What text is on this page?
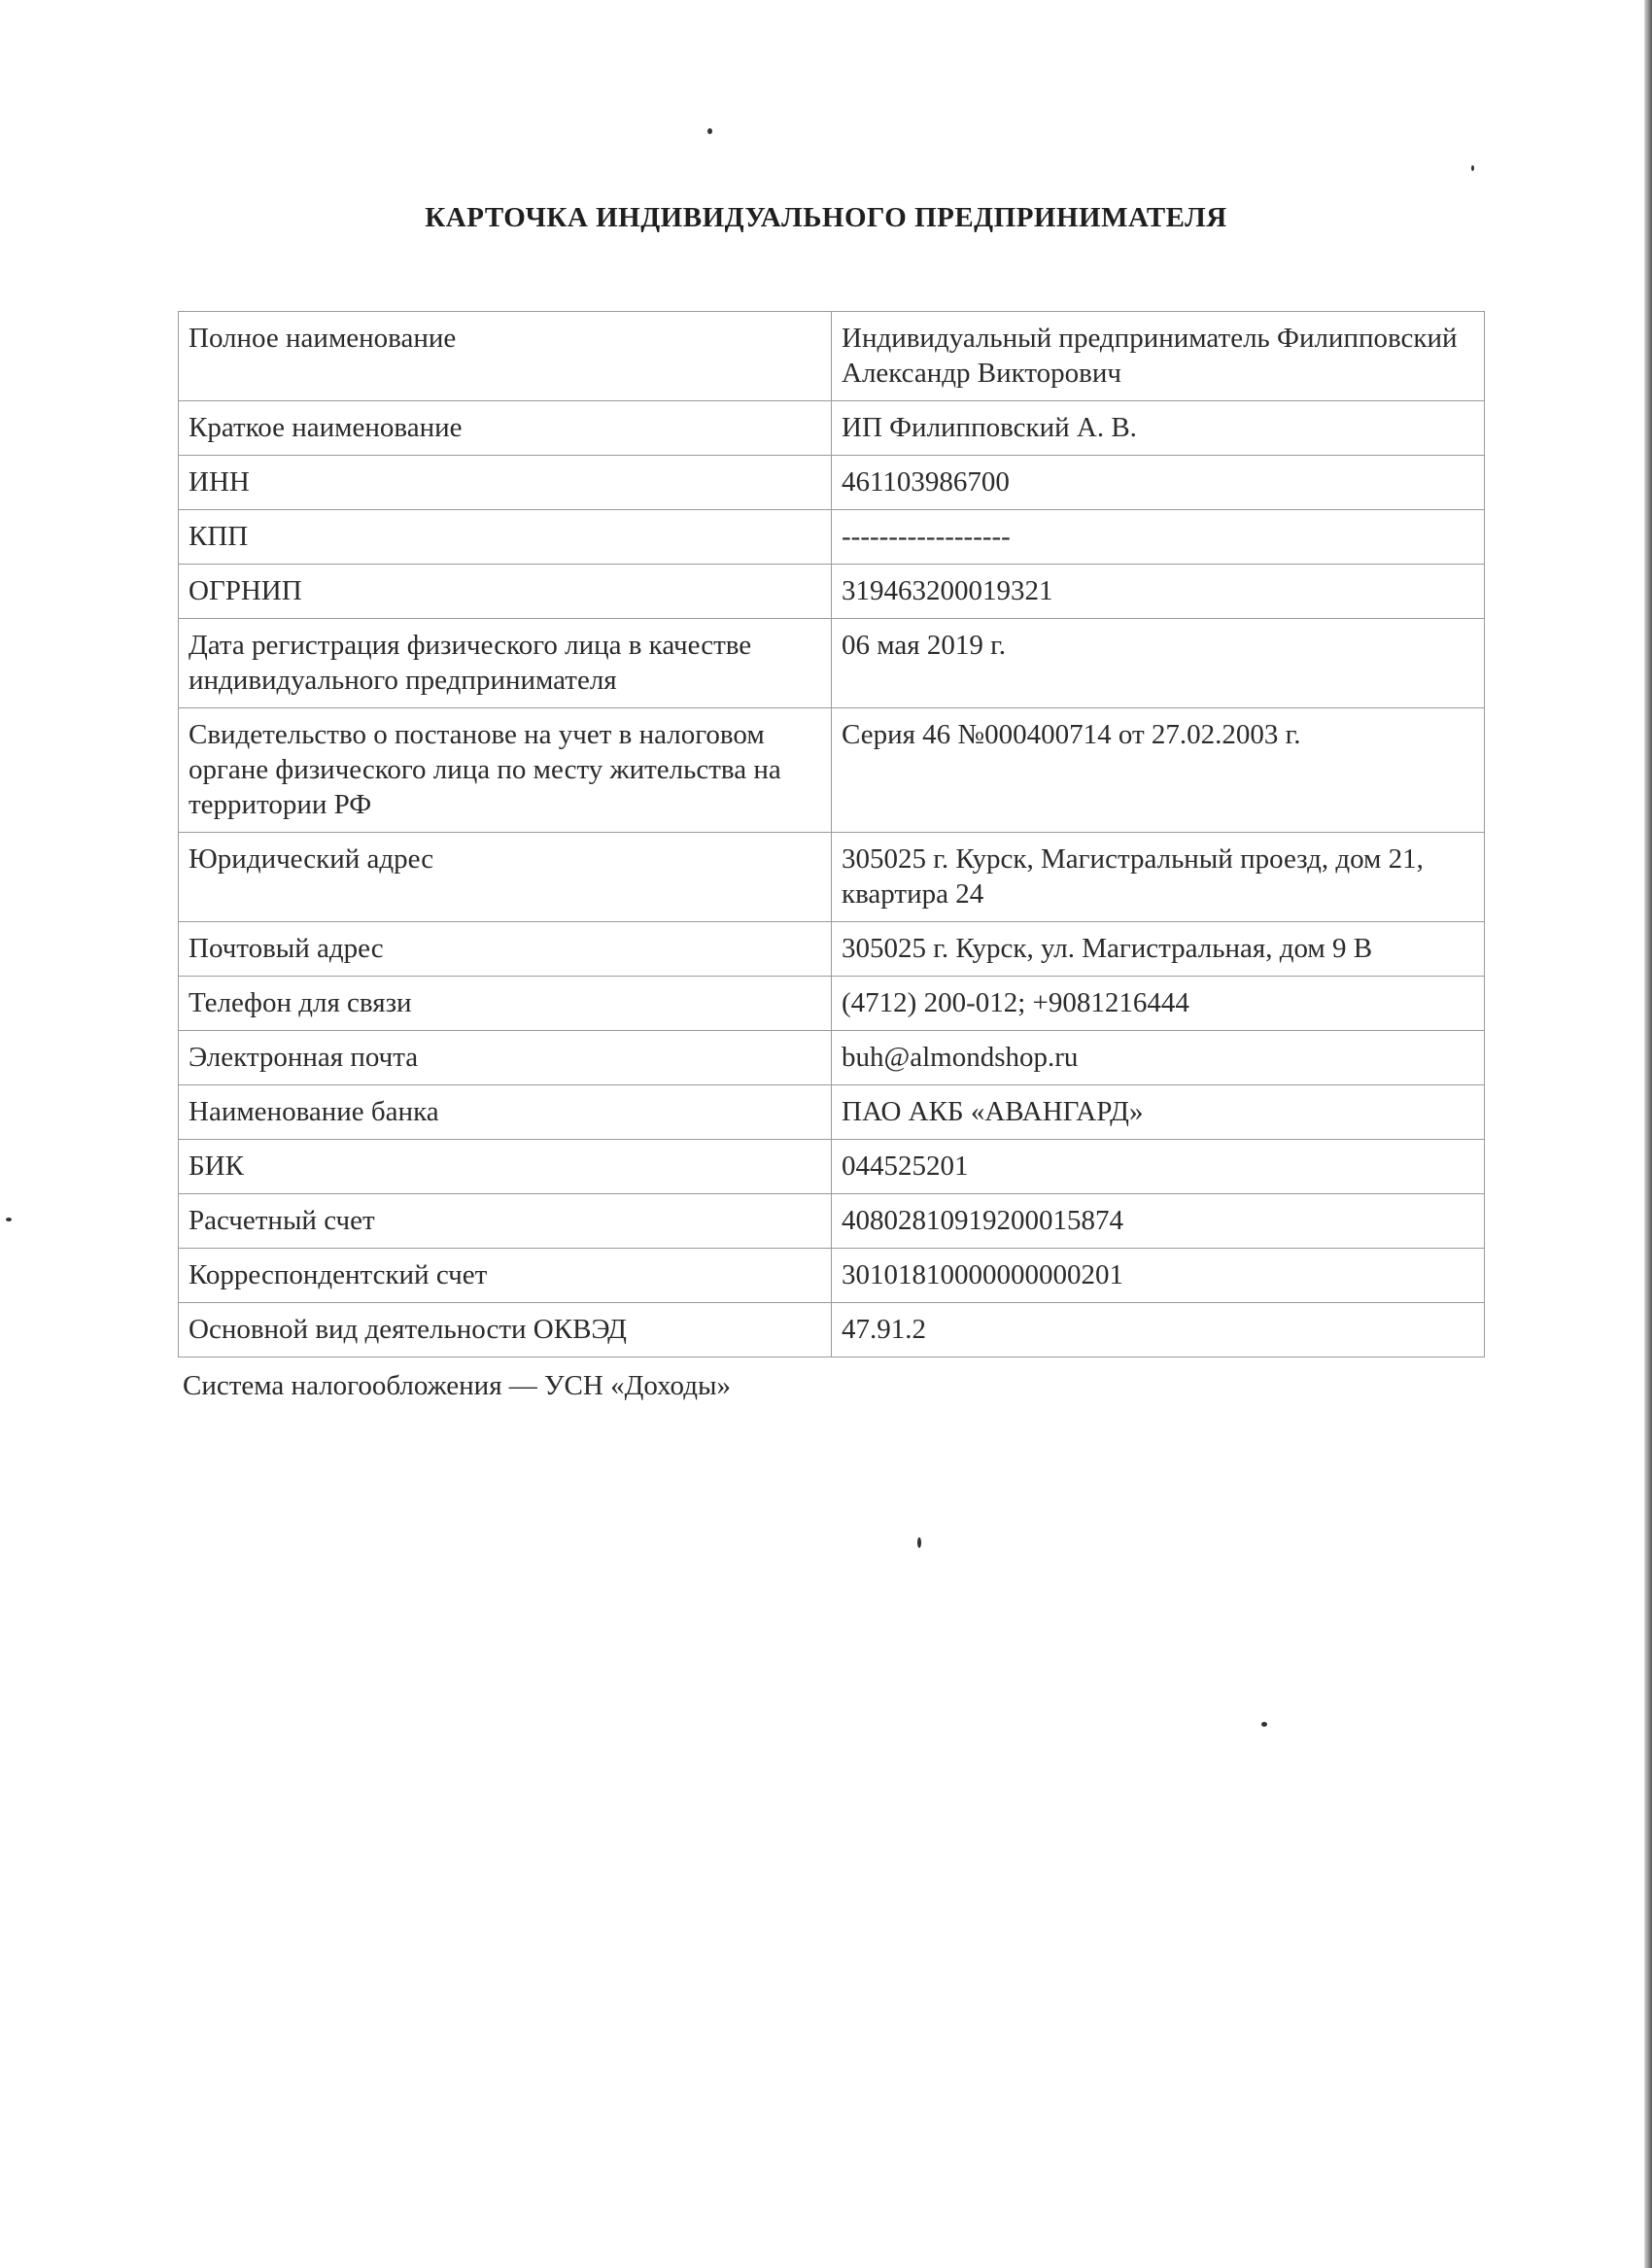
КАРТОЧКА ИНДИВИДУАЛЬНОГО ПРЕДПРИНИМАТЕЛЯ
Полное наименование	Индивидуальный предприниматель Филипповский Александр Викторович
Краткое наименование	ИП Филипповский А. В.
ИНН	461103986700
КПП	------------------
ОГРНИП	319463200019321
Дата регистрация физического лица в качестве индивидуального предпринимателя	06 мая 2019 г.
Свидетельство о постанове на учет в налоговом органе физического лица по месту жительства на территории РФ	Серия 46 №000400714 от 27.02.2003 г.
Юридический адрес	305025 г. Курск, Магистральный проезд, дом 21, квартира 24
Почтовый адрес	305025 г. Курск, ул. Магистральная, дом 9 В
Телефон для связи	(4712) 200-012; +9081216444
Электронная почта	buh@almondshop.ru
Наименование банка	ПАО АКБ «АВАНГАРД»
БИК	044525201
Расчетный счет	40802810919200015874
Корреспондентский счет	30101810000000000201
Основной вид деятельности ОКВЭД	47.91.2
Система налогообложения — УСН «Доходы»
